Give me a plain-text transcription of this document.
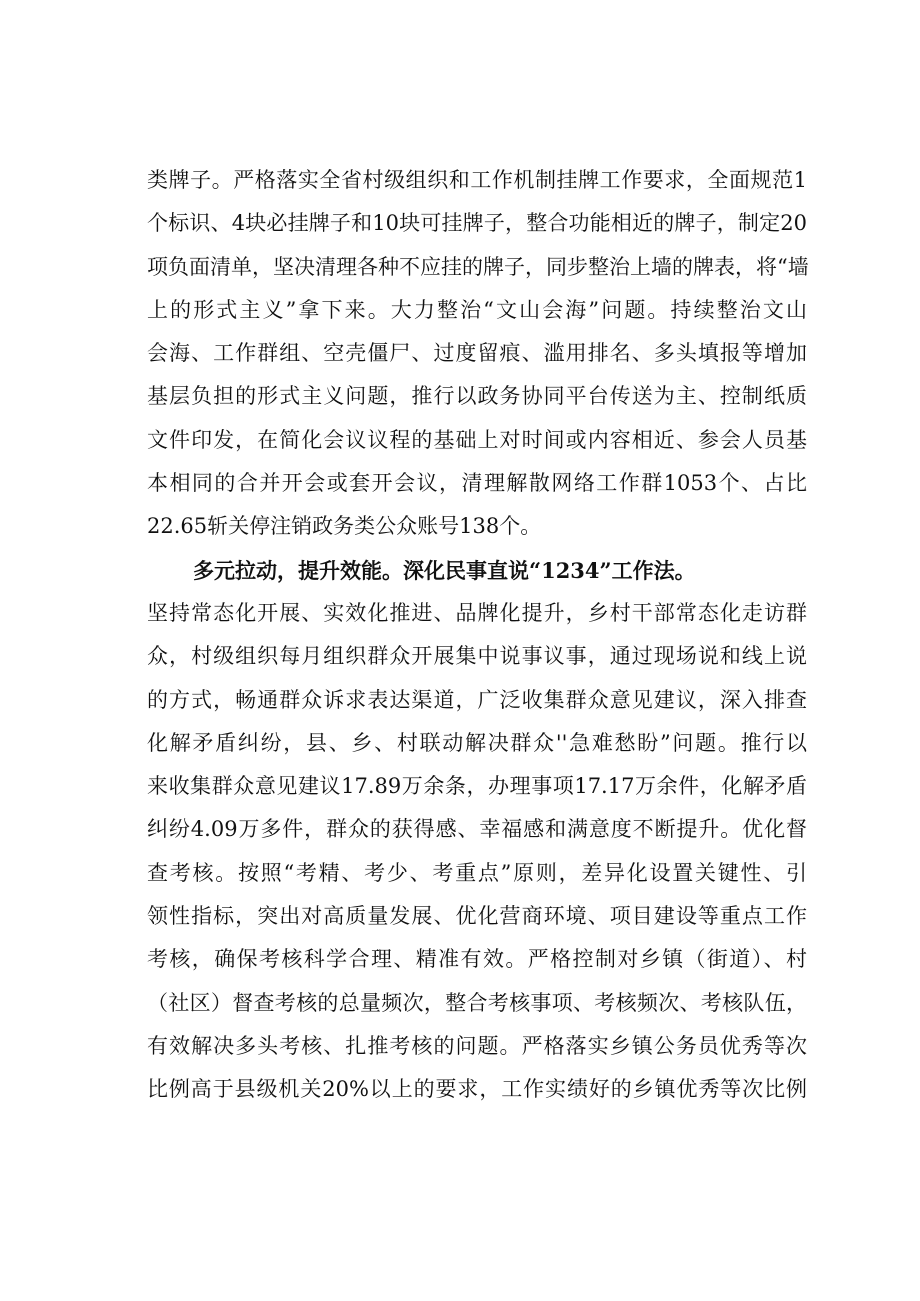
类牌子。严格落实全省村级组织和工作机制挂牌工作要求，全面规范1
个标识、4块必挂牌子和10块可挂牌子，整合功能相近的牌子，制定20
项负面清单，坚决清理各种不应挂的牌子，同步整治上墙的牌表，将“墙
上的形式主义”拿下来。大力整治“文山会海”问题。持续整治文山
会海、工作群组、空壳僵尸、过度留痕、滥用排名、多头填报等增加
基层负担的形式主义问题，推行以政务协同平台传送为主、控制纸质
文件印发，在简化会议议程的基础上对时间或内容相近、参会人员基
本相同的合并开会或套开会议，清理解散网络工作群1053个、占比
22.65斩关停注销政务类公众账号138个。
多元拉动，提升效能。深化民事直说“1234”工作法。
坚持常态化开展、实效化推进、品牌化提升，乡村干部常态化走访群
众，村级组织每月组织群众开展集中说事议事，通过现场说和线上说
的方式，畅通群众诉求表达渠道，广泛收集群众意见建议，深入排查
化解矛盾纠纷，县、乡、村联动解决群众''急难愁盼”问题。推行以
来收集群众意见建议17.89万余条，办理事项17.17万余件，化解矛盾
纠纷4.09万多件，群众的获得感、幸福感和满意度不断提升。优化督
查考核。按照“考精、考少、考重点”原则，差异化设置关键性、引
领性指标，突出对高质量发展、优化营商环境、项目建设等重点工作
考核，确保考核科学合理、精准有效。严格控制对乡镇（街道）、村
（社区）督查考核的总量频次，整合考核事项、考核频次、考核队伍，
有效解决多头考核、扎推考核的问题。严格落实乡镇公务员优秀等次
比例高于县级机关20%以上的要求，工作实绩好的乡镇优秀等次比例
